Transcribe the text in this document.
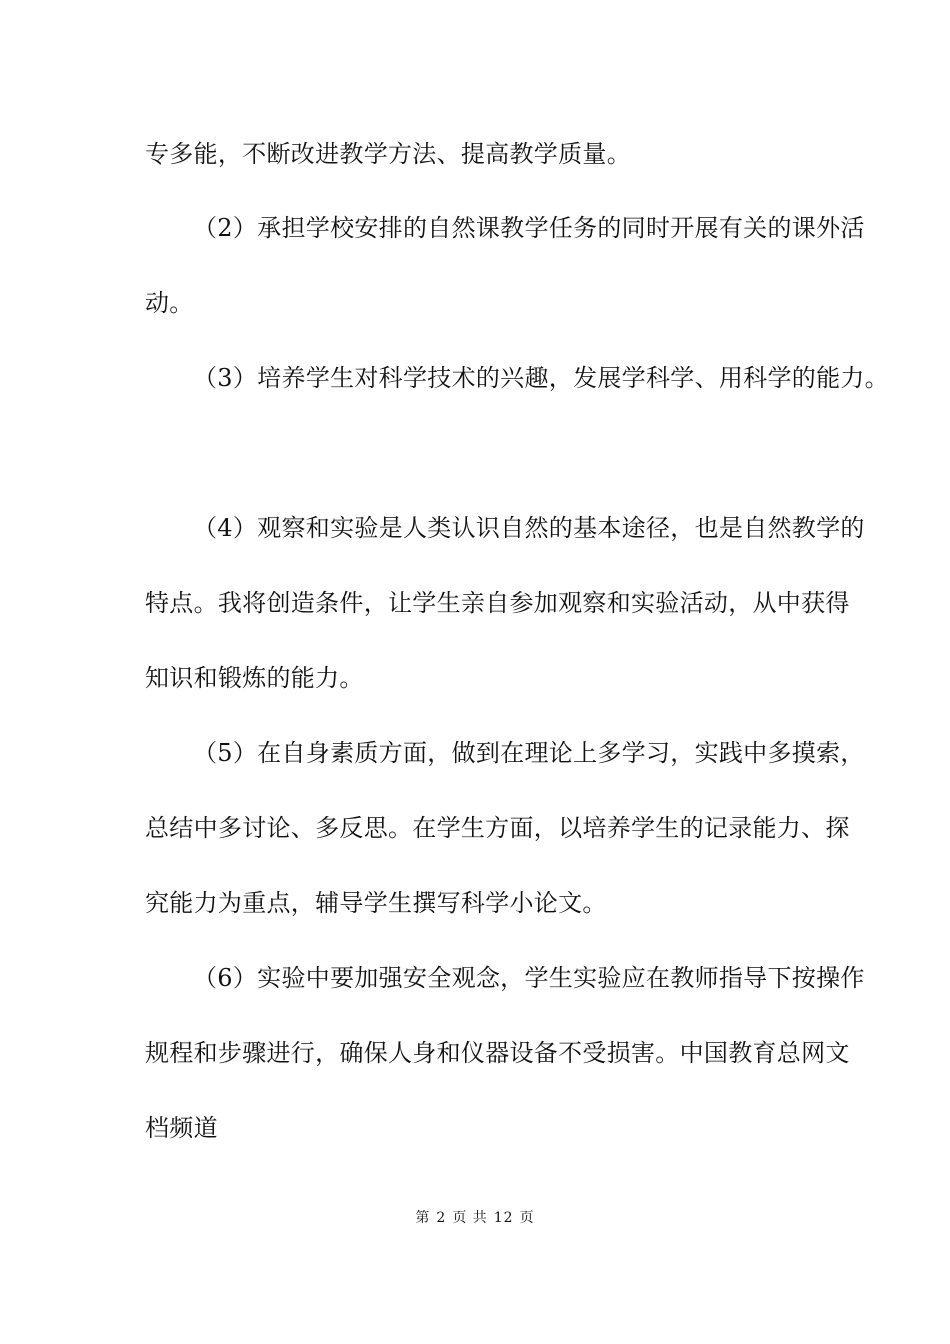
专多能，不断改进教学方法、提高教学质量。
（2）承担学校安排的自然课教学任务的同时开展有关的课外活
动。
（3）培养学生对科学技术的兴趣，发展学科学、用科学的能力。
（4）观察和实验是人类认识自然的基本途径，也是自然教学的
特点。我将创造条件，让学生亲自参加观察和实验活动，从中获得
知识和锻炼的能力。
（5）在自身素质方面，做到在理论上多学习，实践中多摸索，
总结中多讨论、多反思。在学生方面，以培养学生的记录能力、探
究能力为重点，辅导学生撰写科学小论文。
（6）实验中要加强安全观念，学生实验应在教师指导下按操作
规程和步骤进行，确保人身和仪器设备不受损害。中国教育总网文
档频道
第 2 页 共 12 页
